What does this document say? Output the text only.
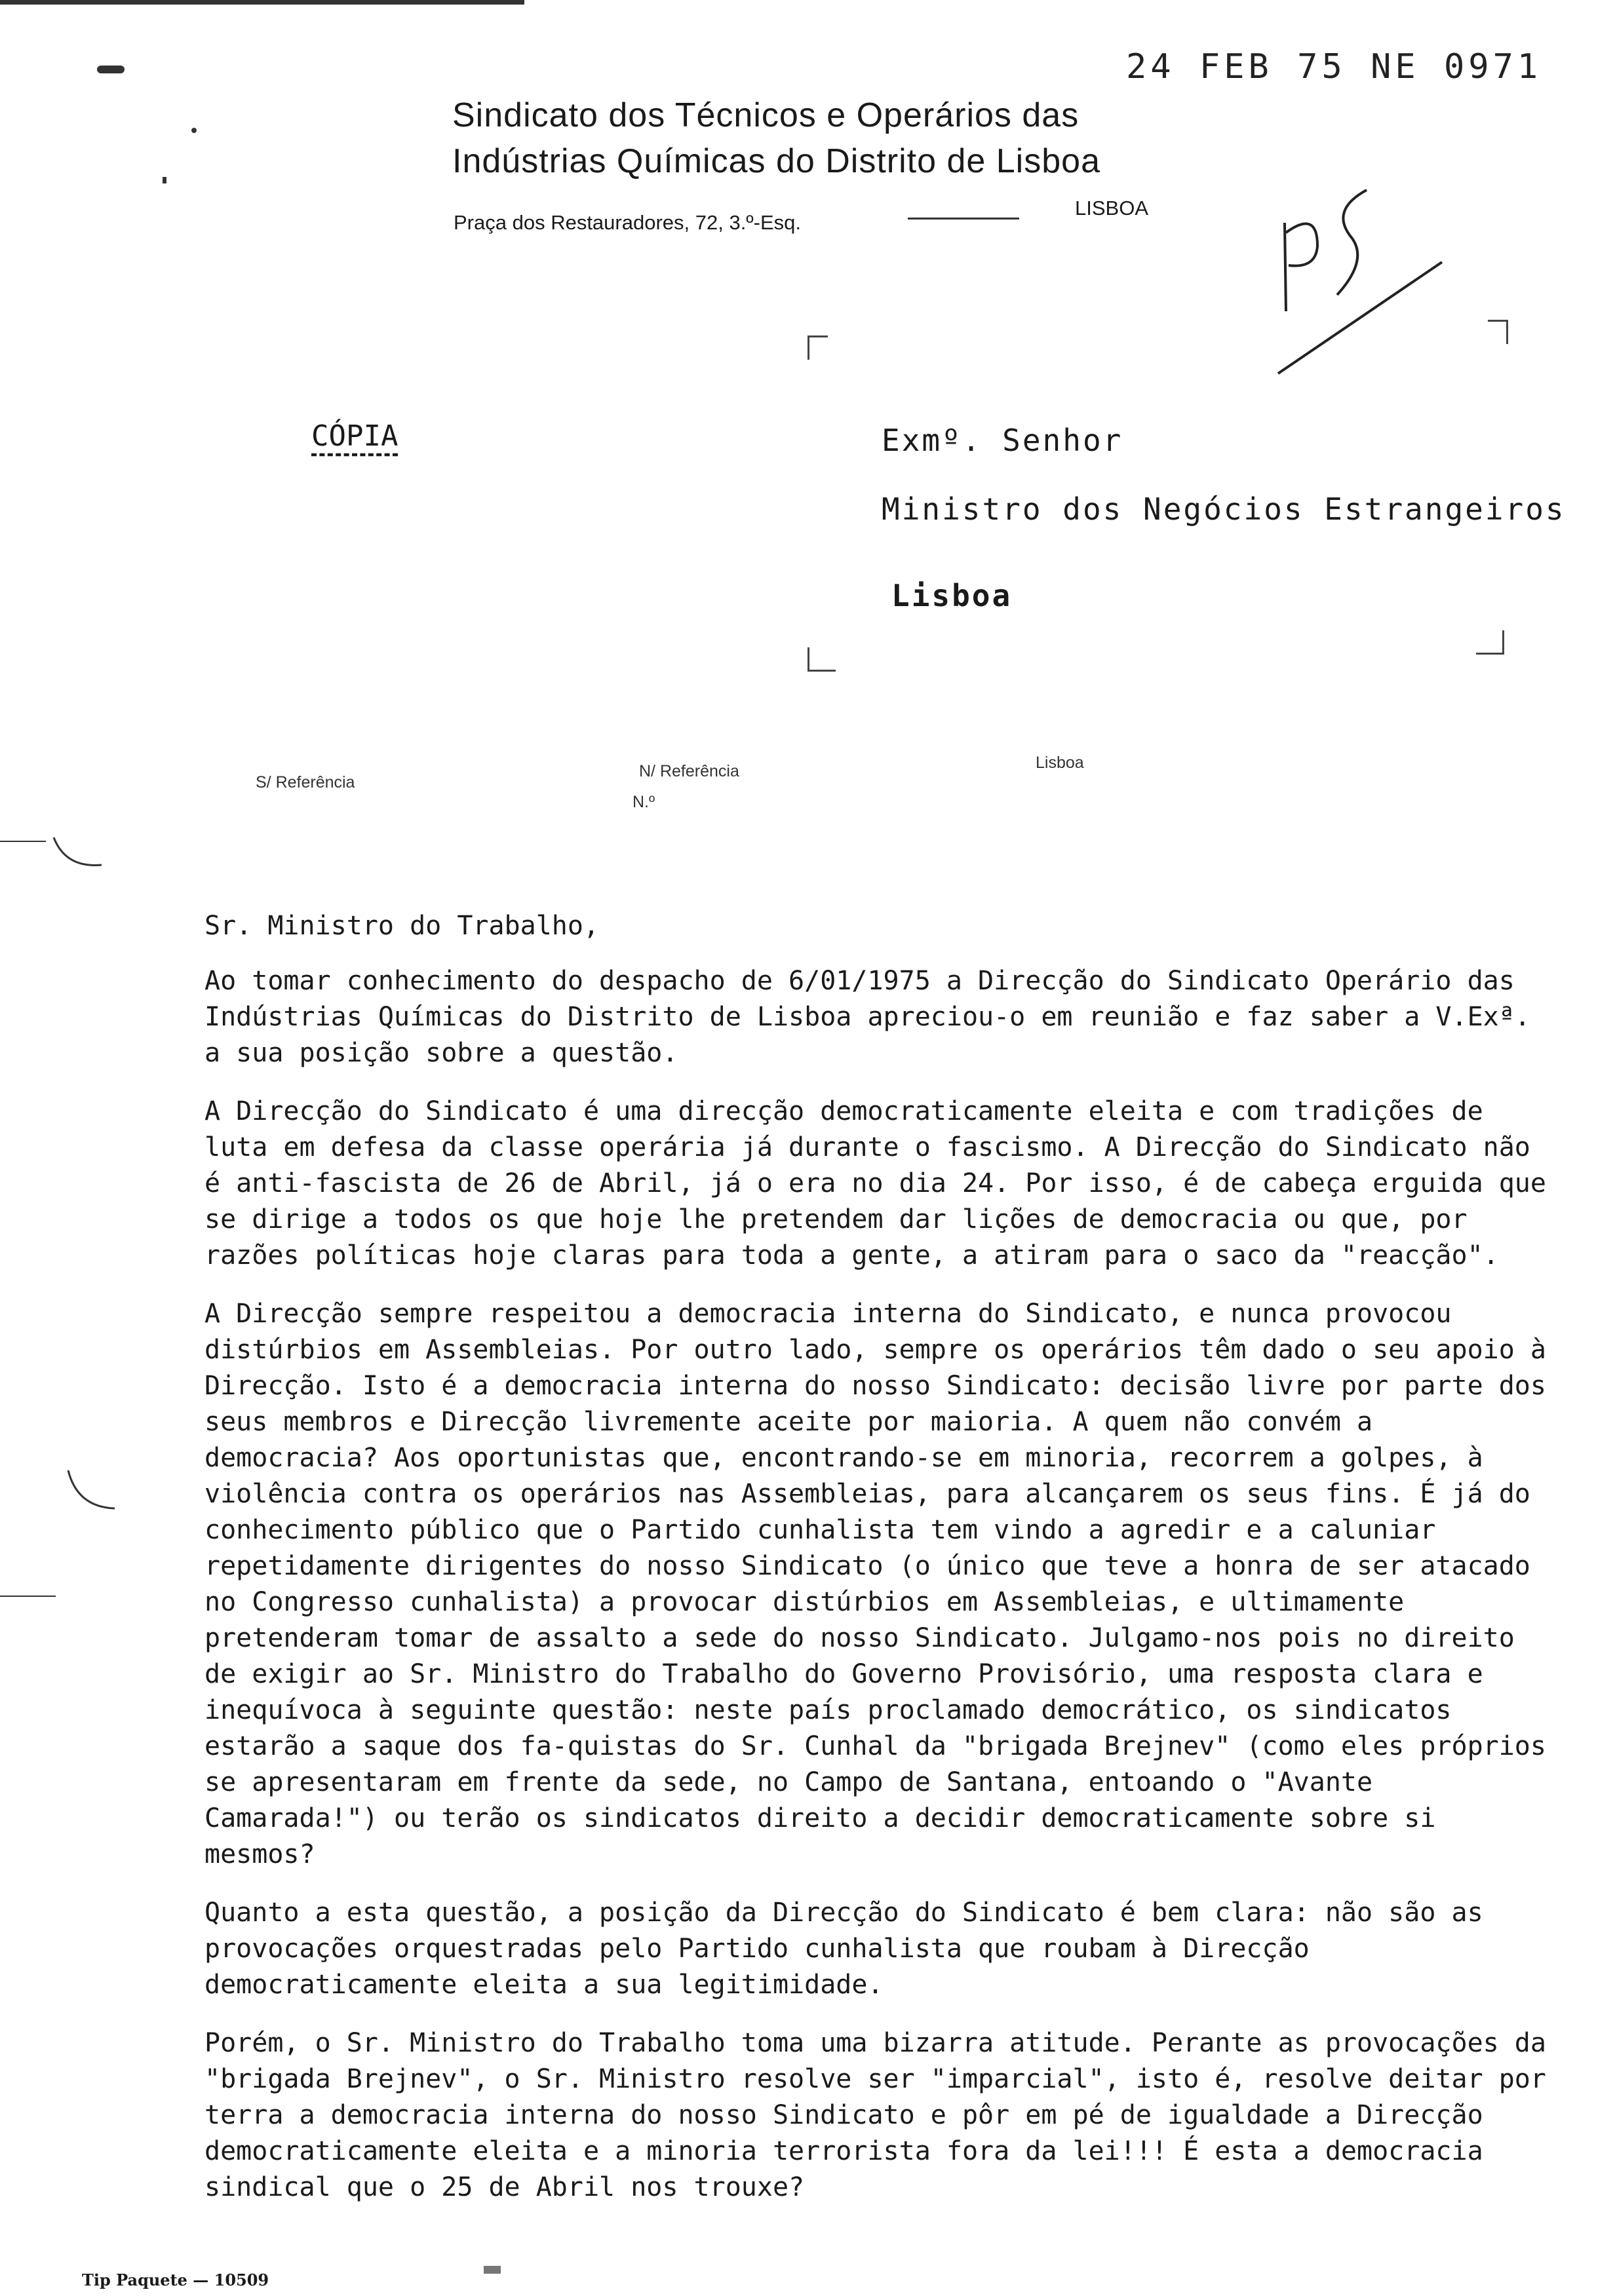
24 FEB 75 NE 0971
Sindicato dos Técnicos e Operários das
Indústrias Químicas do Distrito de Lisboa
Praça dos Restauradores, 72, 3.º-Esq.
LISBOA
CÓPIA	Exmº. Senhor
Ministro dos Negócios Estrangeiros
Lisboa
S/ Referência
N/ Referência
N.º
Lisboa
Sr. Ministro do Trabalho,

Ao tomar conhecimento do despacho de 6/01/1975 a Direcção do Sindicato Operário das Indústrias Químicas do Distrito de Lisboa apreciou-o em reunião e faz saber a V.Exª. a sua posição sobre a questão.

A Direcção do Sindicato é uma direcção democraticamente eleita e com tradições de luta em defesa da classe operária já durante o fascismo. A Direcção do Sindicato não é anti-fascista de 26 de Abril, já o era no dia 24. Por isso, é de cabeça erguida que se dirige a todos os que hoje lhe pretendem dar lições de democracia ou que, por razões políticas hoje claras para toda a gente, a atiram para o saco da "reacção".

A Direcção sempre respeitou a democracia interna do Sindicato, e nunca provocou distúrbios em Assembleias. Por outro lado, sempre os operários têm dado o seu apoio à Direcção. Isto é a democracia interna do nosso Sindicato: decisão livre por parte dos seus membros e Direcção livremente aceite por maioria. A quem não convém a democracia? Aos oportunistas que, encontrando-se em minoria, recorrem a golpes, à violência contra os operários nas Assembleias, para alcançarem os seus fins. É já do conhecimento público que o Partido cunhalista tem vindo a agredir e a caluniar repetidamente dirigentes do nosso Sindicato (o único que teve a honra de ser atacado no Congresso cunhalista) a provocar distúrbios em Assembleias, e ultimamente pretenderam tomar de assalto a sede do nosso Sindicato. Julgamo-nos pois no direito de exigir ao Sr. Ministro do Trabalho do Governo Provisório, uma resposta clara e inequívoca à seguinte questão: neste país proclamado democrático, os sindicatos estarão a saque dos fa-quistas do Sr. Cunhal da "brigada Brejnev" (como eles próprios se apresentaram em frente da sede, no Campo de Santana, entoando o "Avante Camarada!") ou terão os sindicatos direito a decidir democraticamente sobre si mesmos?

Quanto a esta questão, a posição da Direcção do Sindicato é bem clara: não são as provocações orquestradas pelo Partido cunhalista que roubam à Direcção democraticamente eleita a sua legitimidade.

Porém, o Sr. Ministro do Trabalho toma uma bizarra atitude. Perante as provocações da "brigada Brejnev", o Sr. Ministro resolve ser "imparcial", isto é, resolve deitar por terra a democracia interna do nosso Sindicato e pôr em pé de igualdade a Direcção democraticamente eleita e a minoria terrorista fora da lei!!! É esta a democracia sindical que o 25 de Abril nos trouxe?

Tip Paquete — 10509
